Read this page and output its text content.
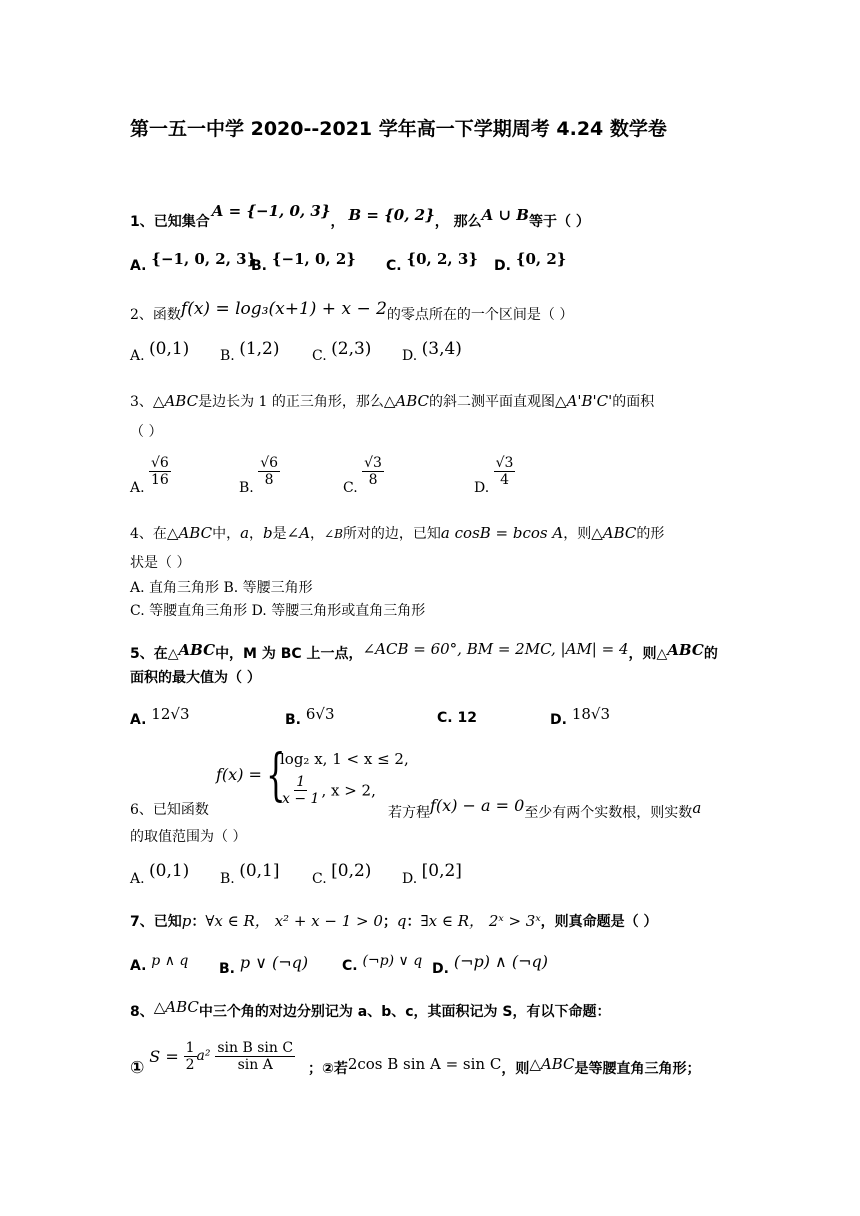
第一五一中学 2020--2021 学年高一下学期周考 4.24 数学卷
1、已知集合A = {−1, 0, 3}， B = {0, 2}， 那么A ∪ B等于（ ）
A. {−1, 0, 2, 3}
B. {−1, 0, 2} C. {0, 2, 3} D. {0, 2}
2、函数f(x) = log₃(x+1) + x − 2的零点所在的一个区间是（ ）
A. (0,1) B. (1,2) C. (2,3) D. (3,4)
3、△ABC是边长为 1 的正三角形，那么△ABC的斜二测平面直观图△A'B'C'的面积
（ ）
A. $\frac{√6}{16}$	B. $\frac{√6}{8}$	C. $\frac{√3}{8}$	D. $\frac{√3}{4}$
4、在△ABC中，a，b是∠A，∠B所对的边，已知a cosB = bcos A，则△ABC的形
状是（ ）
A. 直角三角形 B. 等腰三角形
C. 等腰直角三角形 D. 等腰三角形或直角三角形
5、在△ABC中，M 为 BC 上一点，∠ACB = 60°, BM = 2MC, |AM| = 4，则△ABC的
面积的最大值为（ ）
A. 12√3	B. 6√3	C. 12	D. 18√3
f(x) = {
log₂ x, 1 < x ≤ 2,
$\frac{1}{x - 1}$ , x > 2,
6、已知函数	若方程f(x) − a = 0至少有两个实数根，则实数a
的取值范围为（ ）
A. (0,1) B. (0,1] C. [0,2) D. [0,2]
7、已知p：∀x ∈ R， x² + x − 1 > 0；q：∃x ∈ R， 2ˣ > 3ˣ，则真命题是（ ）
A. p ∧ q B. p ∨ (¬q) C. (¬p) ∨ q D. (¬p) ∧ (¬q)
8、△ABC中三个角的对边分别记为 a、b、c，其面积记为 S，有以下命题：
① $S = \frac{1}{2} a^2 \frac{\text{sin B sin C}}{\text{sin A}}$ ；②若2cos B sin A = sin C，则△ABC是等腰直角三角形；
